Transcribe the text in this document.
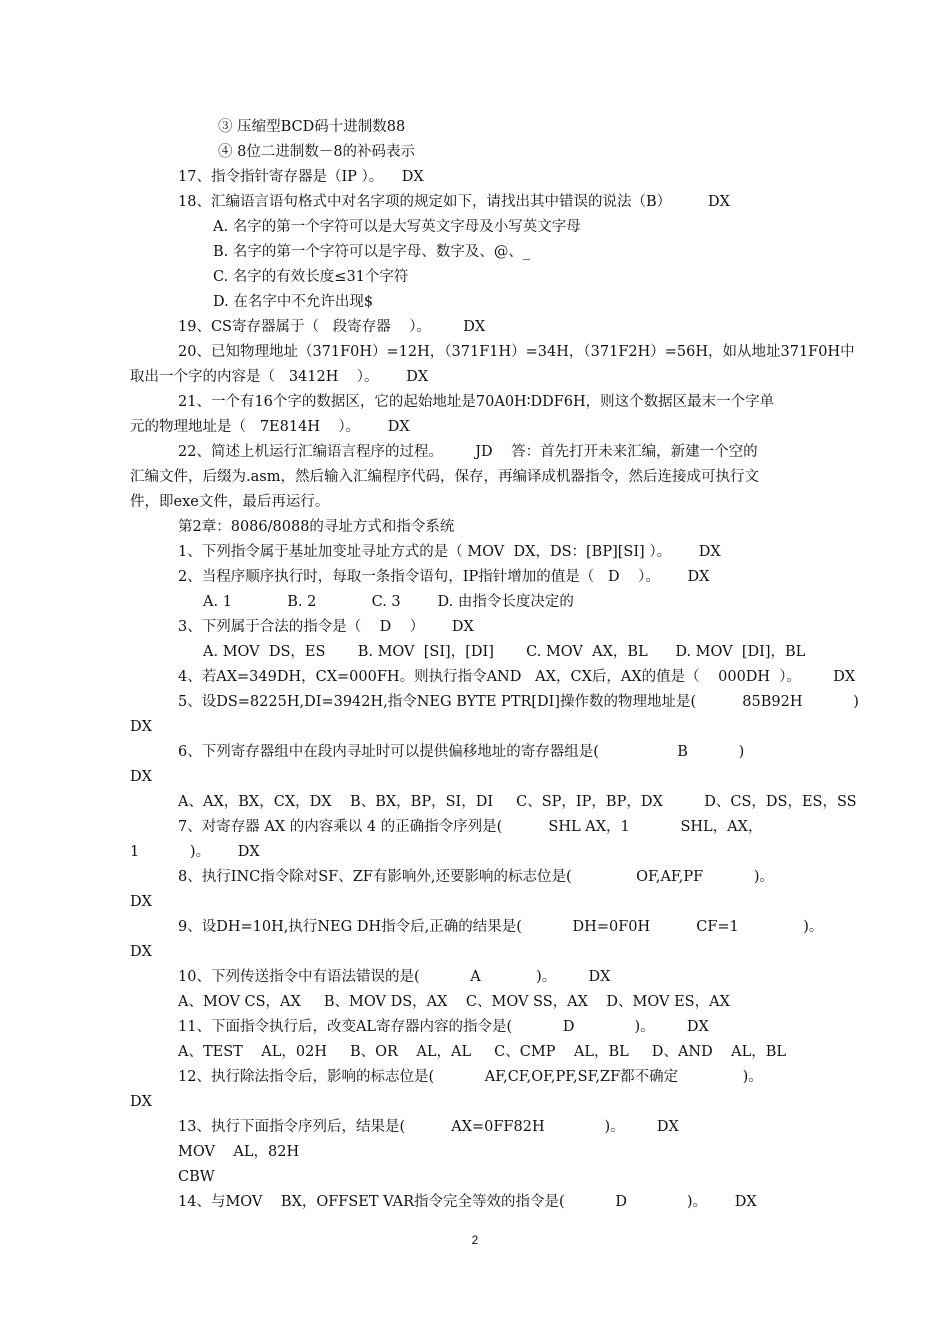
③ 压缩型BCD码十进制数88
④ 8位二进制数－8的补码表示
17、指令指针寄存器是（IP ）。    DX
18、汇编语言语句格式中对名字项的规定如下，请找出其中错误的说法（B）        DX
A. 名字的第一个字符可以是大写英文字母及小写英文字母
B. 名字的第一个字符可以是字母、数字及、@、_
C. 名字的有效长度≤31个字符
D. 在名字中不允许出现$
19、CS寄存器属于（   段寄存器    ）。       DX
20、已知物理地址（371F0H）=12H，（371F1H）=34H，（371F2H）=56H，如从地址371F0H中
取出一个字的内容是（   3412H    ）。      DX
21、一个有16个字的数据区，它的起始地址是70A0H∶DDF6H，则这个数据区最末一个字单
元的物理地址是（   7E814H    ）。      DX
22、简述上机运行汇编语言程序的过程。       JD    答：首先打开未来汇编，新建一个空的
汇编文件，后缀为.asm，然后输入汇编程序代码，保存，再编译成机器指令，然后连接成可执行文
件，即exe文件，最后再运行。
第2章：8086/8088的寻址方式和指令系统
1、下列指令属于基址加变址寻址方式的是（ MOV  DX，DS：[BP][SI] ）。      DX
2、当程序顺序执行时，每取一条指令语句，IP指针增加的值是（   D    ）。      DX
A. 1            B. 2            C. 3        D. 由指令长度决定的
3、下列属于合法的指令是（    D    ）      DX
A. MOV  DS，ES       B. MOV  [SI]，[DI]       C. MOV  AX，BL      D. MOV  [DI]，BL
4、若AX=349DH，CX=000FH。则执行指令AND   AX，CX后，AX的值是（    000DH  ）。       DX
5、设DS=8225H,DI=3942H,指令NEG BYTE PTR[DI]操作数的物理地址是(          85B92H           )
DX
6、下列寄存器组中在段内寻址时可以提供偏移地址的寄存器组是(                 B           )
DX
A、AX，BX，CX，DX    B、BX，BP，SI，DI     C、SP，IP，BP，DX         D、CS，DS，ES，SS
7、对寄存器 AX 的内容乘以 4 的正确指令序列是(          SHL AX，1           SHL，AX，
1           )。      DX
8、执行INC指令除对SF、ZF有影响外,还要影响的标志位是(              OF,AF,PF           )。
DX
9、设DH=10H,执行NEG DH指令后,正确的结果是(           DH=0F0H          CF=1              )。
DX
10、下列传送指令中有语法错误的是(           A            )。       DX
A、MOV CS，AX     B、MOV DS，AX    C、MOV SS，AX    D、MOV ES，AX
11、下面指令执行后，改变AL寄存器内容的指令是(           D             )。       DX
A、TEST    AL，02H     B、OR    AL，AL     C、CMP    AL，BL     D、AND    AL，BL
12、执行除法指令后，影响的标志位是(           AF,CF,OF,PF,SF,ZF都不确定              )。
DX
13、执行下面指令序列后，结果是(          AX=0FF82H             )。       DX
MOV    AL，82H
CBW
14、与MOV    BX，OFFSET VAR指令完全等效的指令是(           D             )。      DX
2
